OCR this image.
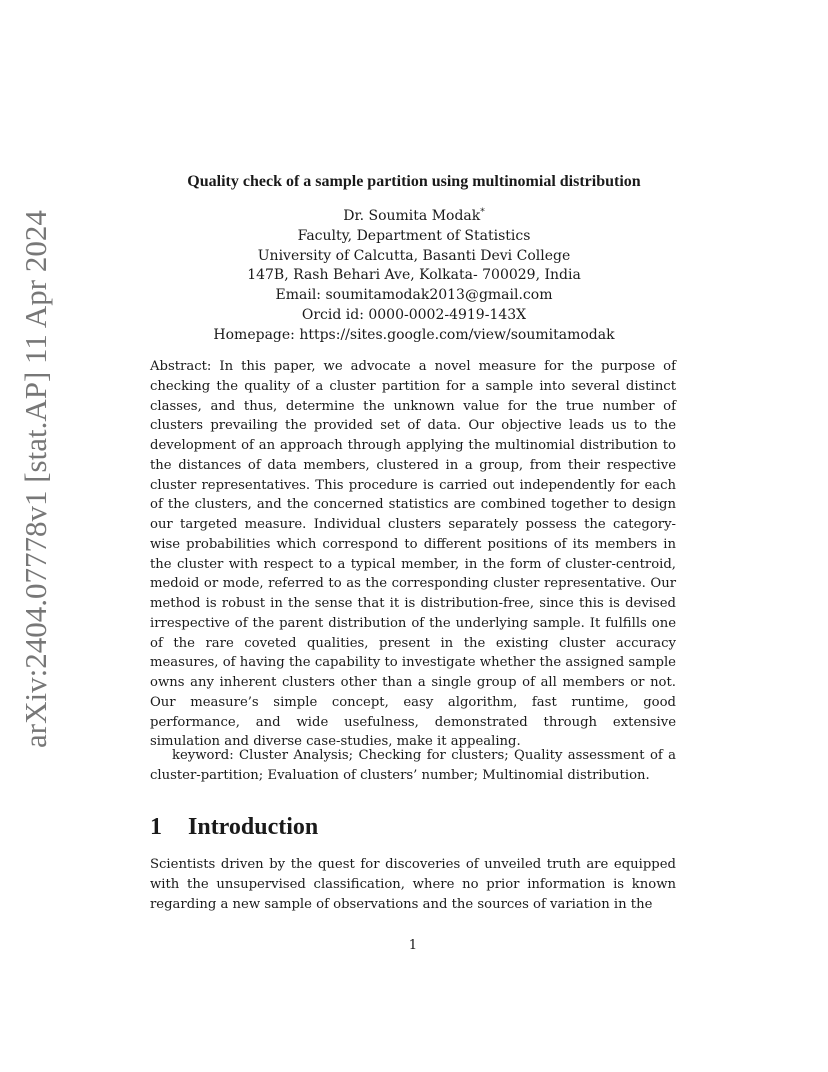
arXiv:2404.07778v1 [stat.AP] 11 Apr 2024
Quality check of a sample partition using multinomial distribution
Dr. Soumita Modak*
Faculty, Department of Statistics
University of Calcutta, Basanti Devi College
147B, Rash Behari Ave, Kolkata- 700029, India
Email: soumitamodak2013@gmail.com
Orcid id: 0000-0002-4919-143X
Homepage: https://sites.google.com/view/soumitamodak

Abstract: In this paper, we advocate a novel measure for the purpose of checking the quality of a cluster partition for a sample into several distinct classes, and thus, determine the unknown value for the true number of clusters prevailing the provided set of data. Our objective leads us to the development of an approach through applying the multinomial distribution to the distances of data members, clustered in a group, from their respective cluster representatives. This procedure is carried out independently for each of the clusters, and the concerned statistics are combined together to design our targeted measure. Individual clusters separately possess the category-wise probabilities which correspond to different positions of its members in the cluster with respect to a typical member, in the form of cluster-centroid, medoid or mode, referred to as the corresponding cluster representative. Our method is robust in the sense that it is distribution-free, since this is devised irrespective of the parent distribution of the underlying sample. It fulfills one of the rare coveted qualities, present in the existing cluster accuracy measures, of having the capability to investigate whether the assigned sample owns any inherent clusters other than a single group of all members or not. Our measure’s simple concept, easy algorithm, fast runtime, good performance, and wide usefulness, demonstrated through extensive simulation and diverse case-studies, make it appealing.

keyword: Cluster Analysis; Checking for clusters; Quality assessment of a cluster-partition; Evaluation of clusters’ number; Multinomial distribution.

1 Introduction

Scientists driven by the quest for discoveries of unveiled truth are equipped with the unsupervised classification, where no prior information is known regarding a new sample of observations and the sources of variation in the

1
